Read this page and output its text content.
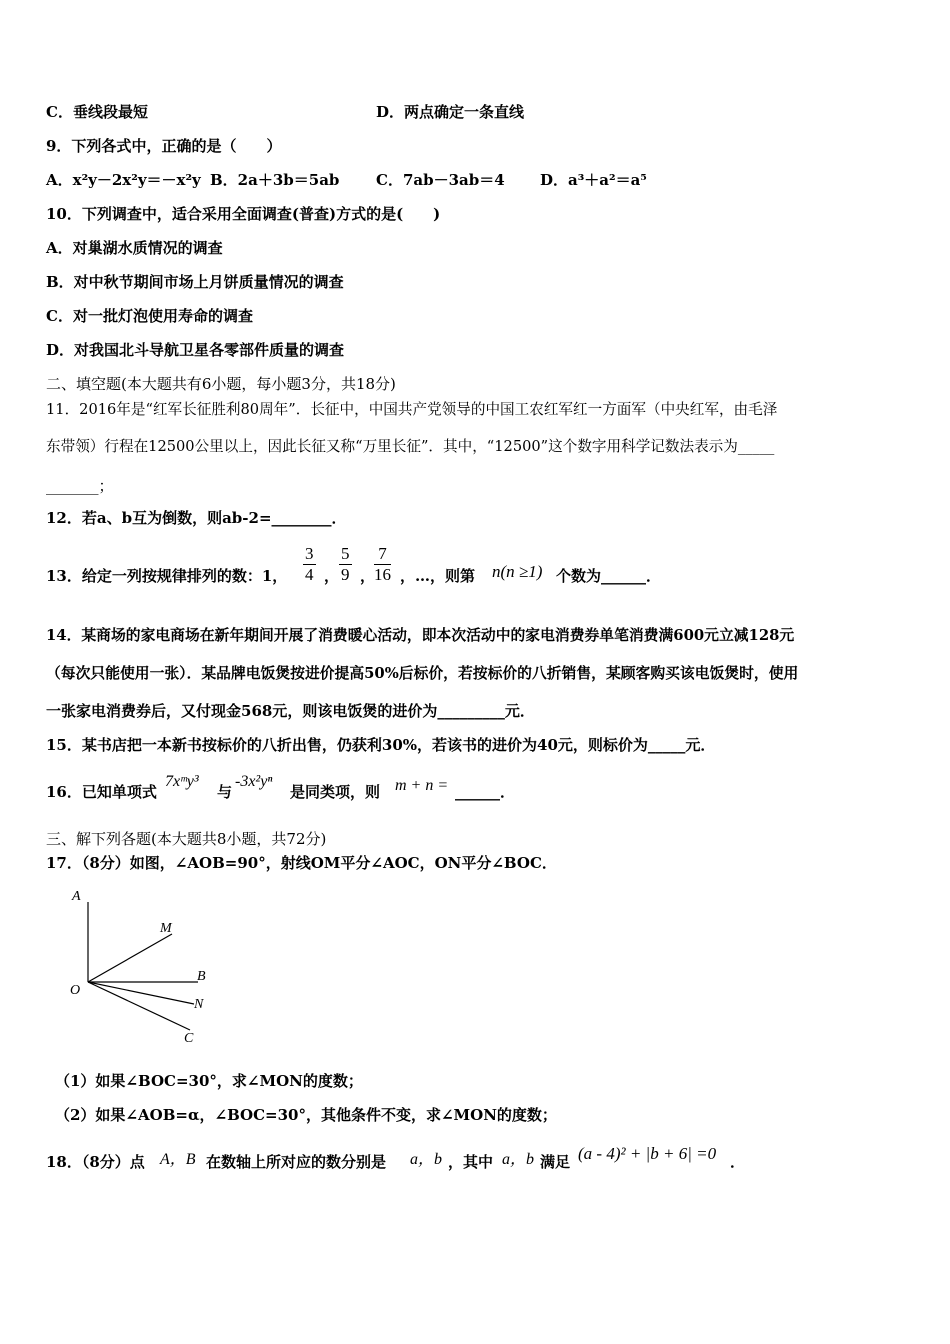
C．垂线段最短	D．两点确定一条直线
9．下列各式中，正确的是（　　）
A．x²y－2x²y＝－x²y B．2a＋3b＝5ab C．7ab－3ab＝4 D．a³＋a²＝a⁵
10．下列调查中，适合采用全面调查(普查)方式的是(　　)
A．对巢湖水质情况的调查
B．对中秋节期间市场上月饼质量情况的调查
C．对一批灯泡使用寿命的调查
D．对我国北斗导航卫星各零部件质量的调查
二、填空题(本大题共有6小题，每小题3分，共18分)
11．2016年是“红军长征胜利80周年”．长征中，中国共产党领导的中国工农红军红一方面军（中央红军，由毛泽
东带领）行程在12500公里以上，因此长征又称“万里长征”．其中，“12500”这个数字用科学记数法表示为_____
_______；
12．若a、b互为倒数，则ab-2=________．
13．给定一列按规律排列的数：1， $\frac{3}{4}$ ， $\frac{5}{9}$ ，
$\frac{7}{16}$ ，…，则第 n(n ≥1) 个数为______．
14．某商场的家电商场在新年期间开展了消费暖心活动，即本次活动中的家电消费券单笔消费满600元立减128元
（每次只能使用一张）．某品牌电饭煲按进价提高50%后标价，若按标价的八折销售，某顾客购买该电饭煲时，使用
一张家电消费券后，又付现金568元，则该电饭煲的进价为_________元．
15．某书店把一本新书按标价的八折出售，仍获利30%，若该书的进价为40元，则标价为_____元．
16．已知单项式
7xᵐy³
与
-3x²yⁿ
是同类项，则 m + n = ______．
三、解下列各题(本大题共8小题，共72分)
17．（8分）如图，∠AOB=90°，射线OM平分∠AOC，ON平分∠BOC．
A
M
B
O
N
C
（1）如果∠BOC=30°，求∠MON的度数；
（2）如果∠AOB=α，∠BOC=30°，其他条件不变，求∠MON的度数；
18．（8分）点 A，B 在数轴上所对应的数分别是 a，b ，其中 a，b 满足 (a - 4)² + |b + 6| =0 ．
